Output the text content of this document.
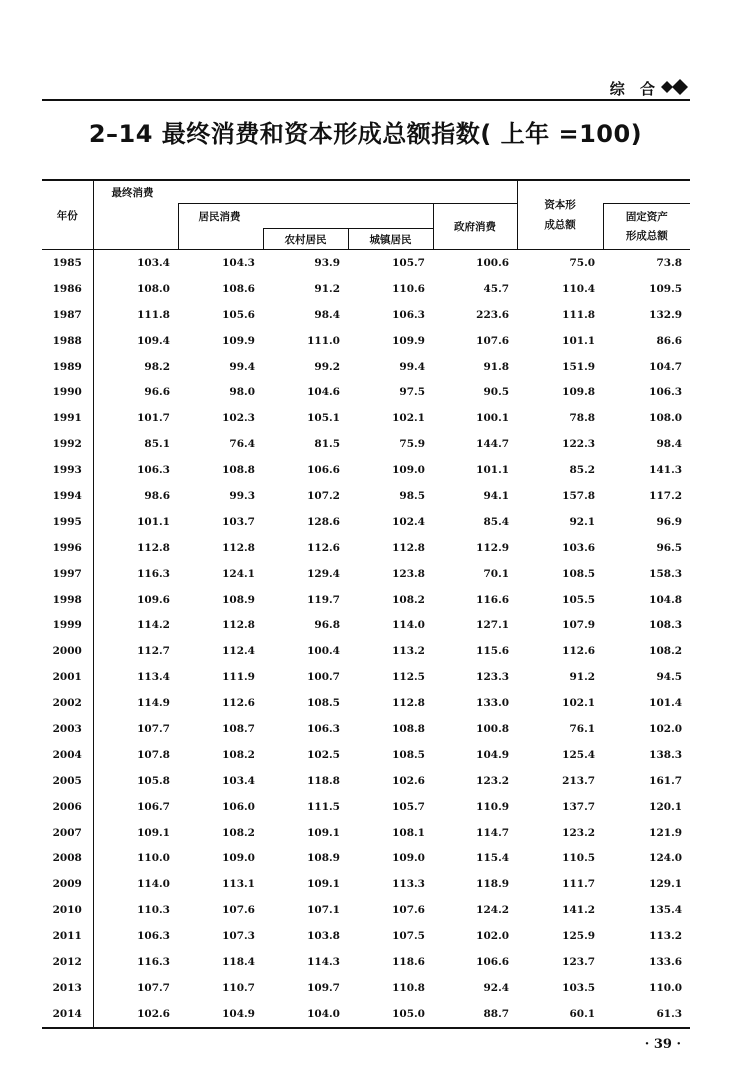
综 合
2–14 最终消费和资本形成总额指数( 上年 =100)
年份	最终消费					资本形
成总额	

		居民消费			政府消费		固定资产
形成总额

			农村居民	城镇居民			
1985	103.4	104.3	93.9	105.7	100.6	75.0	73.8
1986	108.0	108.6	91.2	110.6	45.7	110.4	109.5
1987	111.8	105.6	98.4	106.3	223.6	111.8	132.9
1988	109.4	109.9	111.0	109.9	107.6	101.1	86.6
1989	98.2	99.4	99.2	99.4	91.8	151.9	104.7
1990	96.6	98.0	104.6	97.5	90.5	109.8	106.3
1991	101.7	102.3	105.1	102.1	100.1	78.8	108.0
1992	85.1	76.4	81.5	75.9	144.7	122.3	98.4
1993	106.3	108.8	106.6	109.0	101.1	85.2	141.3
1994	98.6	99.3	107.2	98.5	94.1	157.8	117.2
1995	101.1	103.7	128.6	102.4	85.4	92.1	96.9
1996	112.8	112.8	112.6	112.8	112.9	103.6	96.5
1997	116.3	124.1	129.4	123.8	70.1	108.5	158.3
1998	109.6	108.9	119.7	108.2	116.6	105.5	104.8
1999	114.2	112.8	96.8	114.0	127.1	107.9	108.3
2000	112.7	112.4	100.4	113.2	115.6	112.6	108.2
2001	113.4	111.9	100.7	112.5	123.3	91.2	94.5
2002	114.9	112.6	108.5	112.8	133.0	102.1	101.4
2003	107.7	108.7	106.3	108.8	100.8	76.1	102.0
2004	107.8	108.2	102.5	108.5	104.9	125.4	138.3
2005	105.8	103.4	118.8	102.6	123.2	213.7	161.7
2006	106.7	106.0	111.5	105.7	110.9	137.7	120.1
2007	109.1	108.2	109.1	108.1	114.7	123.2	121.9
2008	110.0	109.0	108.9	109.0	115.4	110.5	124.0
2009	114.0	113.1	109.1	113.3	118.9	111.7	129.1
2010	110.3	107.6	107.1	107.6	124.2	141.2	135.4
2011	106.3	107.3	103.8	107.5	102.0	125.9	113.2
2012	116.3	118.4	114.3	118.6	106.6	123.7	133.6
2013	107.7	110.7	109.7	110.8	92.4	103.5	110.0
2014	102.6	104.9	104.0	105.0	88.7	60.1	61.3
· 39 ·
